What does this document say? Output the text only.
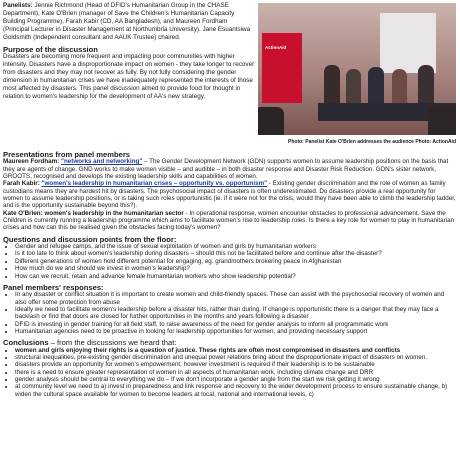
Panelists: Jennie Richmond (Head of DFID's Humanitarian Group in the CHASE Department), Kate O'Brien (manager of Save the Children's Humanitarian Capacity Building Programme), Farah Kabir (CD, AA Bangladesh), and Maureen Fordham (Principal Lecturer in Disaster Management at Northumbria University). Jane Esuantsiwa Goldsmith (Independent consultant and AAUK Trustee) chaired.

Purpose of the discussion

Disasters are becoming more frequent and impacting poor communities with higher intensity. Disasters have a disproportionate impact on women - they take longer to recover from disasters and they may not recover as fully. By not fully considering the gender dimension in humanitarian crises we have inadequately represented the interests of those most affected by disasters. This panel discussion aimed to provide food for thought in relation to women's leadership for the development of AA's new strategy.

ActionAid
Photo: Panelist Kate O'Brien addresses the audience Photo: ActionAid

Presentations from panel members

Maureen Fordham: "networks and networking" – The Gender Development Network (GDN) supports women to assume leadership positions on the basis that they are agents of change. GND works to make women visible – and audible – in both disaster response and Disaster Risk Reduction. GDN's sister network, GROOTS, recognised and develops the existing leadership skills and capabilities of women.

Farah Kabir: "women's leadership in humanitarian crises – opportunity vs. opportunism" - Existing gender discrimination and the role of women as family custodians means they are hardest hit by disasters. The psychosocial impact of disasters is often underestimated. Do disasters provide a real opportunity for women to assume leadership positions, or is taking such roles opportunistic (ie. if it were not for the crisis, would they have been able to climb the leadership ladder, and is the opportunity sustainable beyond this?).

Kate O'Brien: women's leadership in the humanitarian sector - In operational response, women encounter obstacles to professional advancement. Save the Children is currently running a leadership programme which aims to facilitate women's rise to leadership roles. Is there a key role for women to play in humanitarian crises and how can this be realised given the obstacles facing today's women?

Questions and discussion points from the floor:

• Gender and refugee camps, and the issue of sexual exploitation of women and girls by humanitarian workers
• Is it too late to think about women's leadership during disasters – should this not be facilitated before and continue after the disaster?
• Different generations of women hold different potential for engaging, eg. grandmothers brokering peace in Afghanistan
• How much do we and should we invest in women's leadership?
• How can we recruit, retain and advance female humanitarian workers who show leadership potential?

Panel members' responses:

• In any disaster or conflict situation it is important to create women and child-friendly spaces. These can assist with the psychosocial recovery of women and also offer some protection from abuse
• Ideally we need to facilitate women's leadership before a disaster hits, rather than during. If change is opportunistic there is a danger that they may face a backlash or find that doors are closed for further opportunities in the months and years following a disaster
• DFID is investing in gender training for all field staff, to raise awareness of the need for gender analysis to inform all programmatic work
• Humanitarian agencies need to be proactive in looking for leadership opportunities for women, and providing necessary support

Conclusions – from the discussions we heard that:

• women and girls enjoying their rights is a question of justice. These rights are often most compromised in disasters and conflicts
• structural inequalities, pre-existing gender discrimination and unequal power relations bring about the disproportionate impact of disasters on women.
• disasters provide an opportunity for women's empowerment, however investment is required if their leadership is to be sustainable
• there is a need to ensure greater representation of women in all aspects of humanitarian work, including climate change and DRR
• gender analysis should be central to everything we do – If we don't incorporate a gender angle from the start we risk getting it wrong
• at community level we need to a) invest in preparedness and link response and recovery to the wider development process to ensure sustainable change, b) widen the cultural space available for women to become leaders at local, national and international levels, c)
